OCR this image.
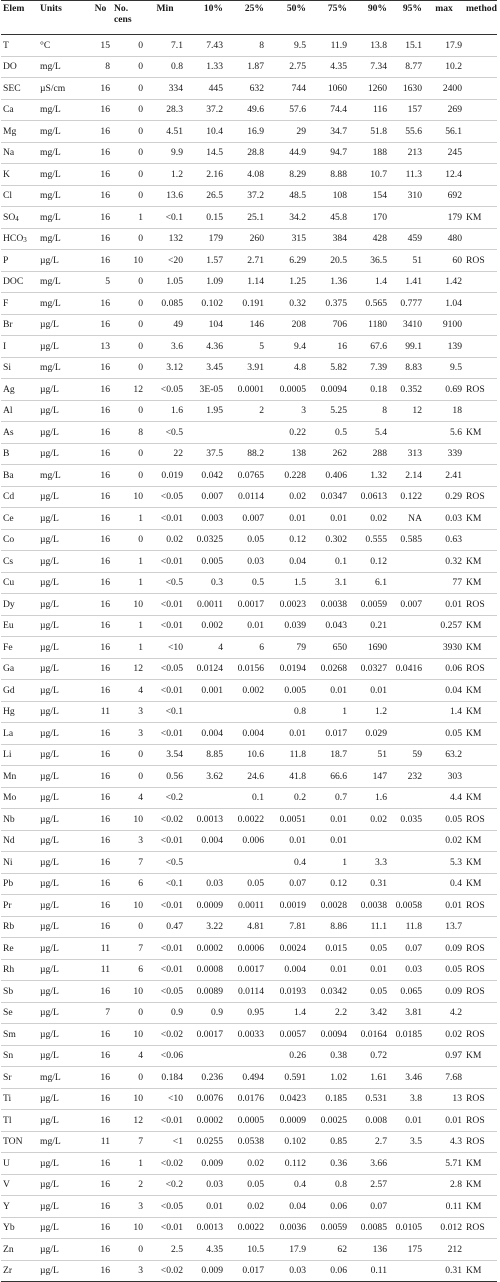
Elem	Units	No	No.
cens	Min	10%	25%	50%	75%	90%	95%	max	method
T	°C	15	0	7.1	7.43	8	9.5	11.9	13.8	15.1	17.9	
DO	mg/L	8	0	0.8	1.33	1.87	2.75	4.35	7.34	8.77	10.2	
SEC	µS/cm	16	0	334	445	632	744	1060	1260	1630	2400	
Ca	mg/L	16	0	28.3	37.2	49.6	57.6	74.4	116	157	269	
Mg	mg/L	16	0	4.51	10.4	16.9	29	34.7	51.8	55.6	56.1	
Na	mg/L	16	0	9.9	14.5	28.8	44.9	94.7	188	213	245	
K	mg/L	16	0	1.2	2.16	4.08	8.29	8.88	10.7	11.3	12.4	
Cl	mg/L	16	0	13.6	26.5	37.2	48.5	108	154	310	692	
$SO_4$	mg/L	16	1	<0.1	0.15	25.1	34.2	45.8	170		179	KM
$HCO_3$	mg/L	16	0	132	179	260	315	384	428	459	480	
P	µg/L	16	10	<20	1.57	2.71	6.29	20.5	36.5	51	60	ROS
DOC	mg/L	5	0	1.05	1.09	1.14	1.25	1.36	1.4	1.41	1.42	
F	mg/L	16	0	0.085	0.102	0.191	0.32	0.375	0.565	0.777	1.04	
Br	µg/L	16	0	49	104	146	208	706	1180	3410	9100	
I	µg/L	13	0	3.6	4.36	5	9.4	16	67.6	99.1	139	
Si	mg/L	16	0	3.12	3.45	3.91	4.8	5.82	7.39	8.83	9.5	
Ag	µg/L	16	12	<0.05	3E-05	0.0001	0.0005	0.0094	0.18	0.352	0.69	ROS
Al	µg/L	16	0	1.6	1.95	2	3	5.25	8	12	18	
As	µg/L	16	8	<0.5			0.22	0.5	5.4		5.6	KM
B	µg/L	16	0	22	37.5	88.2	138	262	288	313	339	
Ba	mg/L	16	0	0.019	0.042	0.0765	0.228	0.406	1.32	2.14	2.41	
Cd	µg/L	16	10	<0.05	0.007	0.0114	0.02	0.0347	0.0613	0.122	0.29	ROS
Ce	µg/L	16	1	<0.01	0.003	0.007	0.01	0.01	0.02	NA	0.03	KM
Co	µg/L	16	0	0.02	0.0325	0.05	0.12	0.302	0.555	0.585	0.63	
Cs	µg/L	16	1	<0.01	0.005	0.03	0.04	0.1	0.12		0.32	KM
Cu	µg/L	16	1	<0.5	0.3	0.5	1.5	3.1	6.1		77	KM
Dy	µg/L	16	10	<0.01	0.0011	0.0017	0.0023	0.0038	0.0059	0.007	0.01	ROS
Eu	µg/L	16	1	<0.01	0.002	0.01	0.039	0.043	0.21		0.257	KM
Fe	µg/L	16	1	<10	4	6	79	650	1690		3930	KM
Ga	µg/L	16	12	<0.05	0.0124	0.0156	0.0194	0.0268	0.0327	0.0416	0.06	ROS
Gd	µg/L	16	4	<0.01	0.001	0.002	0.005	0.01	0.01		0.04	KM
Hg	µg/L	11	3	<0.1			0.8	1	1.2		1.4	KM
La	µg/L	16	3	<0.01	0.004	0.004	0.01	0.017	0.029		0.05	KM
Li	µg/L	16	0	3.54	8.85	10.6	11.8	18.7	51	59	63.2	
Mn	µg/L	16	0	0.56	3.62	24.6	41.8	66.6	147	232	303	
Mo	µg/L	16	4	<0.2		0.1	0.2	0.7	1.6		4.4	KM
Nb	µg/L	16	10	<0.02	0.0013	0.0022	0.0051	0.01	0.02	0.035	0.05	ROS
Nd	µg/L	16	3	<0.01	0.004	0.006	0.01	0.01			0.02	KM
Ni	µg/L	16	7	<0.5			0.4	1	3.3		5.3	KM
Pb	µg/L	16	6	<0.1	0.03	0.05	0.07	0.12	0.31		0.4	KM
Pr	µg/L	16	10	<0.01	0.0009	0.0011	0.0019	0.0028	0.0038	0.0058	0.01	ROS
Rb	µg/L	16	0	0.47	3.22	4.81	7.81	8.86	11.1	11.8	13.7	
Re	µg/L	11	7	<0.01	0.0002	0.0006	0.0024	0.015	0.05	0.07	0.09	ROS
Rh	µg/L	11	6	<0.01	0.0008	0.0017	0.004	0.01	0.01	0.03	0.05	ROS
Sb	µg/L	16	10	<0.05	0.0089	0.0114	0.0193	0.0342	0.05	0.065	0.09	ROS
Se	µg/L	7	0	0.9	0.9	0.95	1.4	2.2	3.42	3.81	4.2	
Sm	µg/L	16	10	<0.02	0.0017	0.0033	0.0057	0.0094	0.0164	0.0185	0.02	ROS
Sn	µg/L	16	4	<0.06			0.26	0.38	0.72		0.97	KM
Sr	mg/L	16	0	0.184	0.236	0.494	0.591	1.02	1.61	3.46	7.68	
Ti	µg/L	16	10	<10	0.0076	0.0176	0.0423	0.185	0.531	3.8	13	ROS
Tl	µg/L	16	12	<0.01	0.0002	0.0005	0.0009	0.0025	0.008	0.01	0.01	ROS
TON	mg/L	11	7	<1	0.0255	0.0538	0.102	0.85	2.7	3.5	4.3	ROS
U	µg/L	16	1	<0.02	0.009	0.02	0.112	0.36	3.66		5.71	KM
V	µg/L	16	2	<0.2	0.03	0.05	0.4	0.8	2.57		2.8	KM
Y	µg/L	16	3	<0.05	0.01	0.02	0.04	0.06	0.07		0.11	KM
Yb	µg/L	16	10	<0.01	0.0013	0.0022	0.0036	0.0059	0.0085	0.0105	0.012	ROS
Zn	µg/L	16	0	2.5	4.35	10.5	17.9	62	136	175	212	
Zr	µg/L	16	3	<0.02	0.009	0.017	0.03	0.06	0.11		0.31	KM
